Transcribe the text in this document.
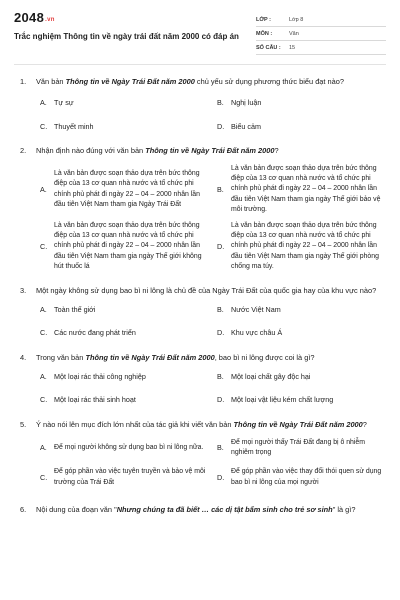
2048.vn
Trắc nghiệm Thông tin về ngày trái đất năm 2000 có đáp án
LỚP :	Lớp 8
MÔN :	Văn
SỐ CÂU :	15
1.	Văn bản Thông tin về Ngày Trái Đất năm 2000 chủ yếu sử dụng phương thức biểu đạt nào?
A.	Tự sự	B.	Nghị luận
C. Thuyết minh	D. Biểu cảm
2.	Nhận định nào đúng với văn bản Thông tin về Ngày Trái Đất năm 2000?
A.
Là văn bản được soạn thảo dựa trên bức thông điệp của 13 cơ quan nhà nước và tổ chức phi chính phủ phát đi ngày 22 – 04 – 2000 nhân lần đầu tiên Việt Nam tham gia Ngày Trái Đất
B.
Là văn bản được soạn thảo dựa trên bức thông điệp của 13 cơ quan nhà nước và tổ chức phi chính phủ phát đi ngày 22 – 04 – 2000 nhân lần đầu tiên Việt Nam tham gia ngày Thế giới bảo vệ môi trường.
C.
Là văn bản được soạn thảo dựa trên bức thông điệp của 13 cơ quan nhà nước và tổ chức phi chính phủ phát đi ngày 22 – 04 – 2000 nhân lần đầu tiên Việt Nam tham gia ngày Thế giới không hút thuốc lá
D.
Là văn bản được soạn thảo dựa trên bức thông điệp của 13 cơ quan nhà nước và tổ chức phi chính phủ phát đi ngày 22 – 04 – 2000 nhân lần đầu tiên Việt Nam tham gia ngày Thế giới phòng chống ma túy.
3.	Một ngày không sử dụng bao bì ni lông là chủ đề của Ngày Trái Đất của quốc gia hay của khu vực nào?
A.	Toàn thế giới	B.	Nước Việt Nam
C. Các nước đang phát triển	D. Khu vực châu Á
4.	Trong văn bản Thông tin về Ngày Trái Đất năm 2000, bao bì ni lông được coi là gì?
A.	Một loại rác thải công nghiệp	B.	Một loại chất gây độc hại
C. Một loại rác thải sinh hoạt	D. Một loại vật liệu kém chất lượng
5.	Ý nào nói lên mục đích lớn nhất của tác giả khi viết văn bản Thông tin về Ngày Trái Đất năm 2000?
A.	Để mọi người không sử dụng bao bì ni lông nữa. B.
Để mọi người thấy Trái Đất đang bị ô nhiễm nghiêm trọng
C.
Để góp phần vào việc tuyên truyền và bảo vệ môi trường của Trái Đất
D.
Để góp phần vào việc thay đổi thói quen sử dụng bao bì ni lông của mọi người
6.	Nội dung của đoạn văn "Nhưng chúng ta đã biết … các dị tật bẩm sinh cho trẻ sơ sinh" là gì?
